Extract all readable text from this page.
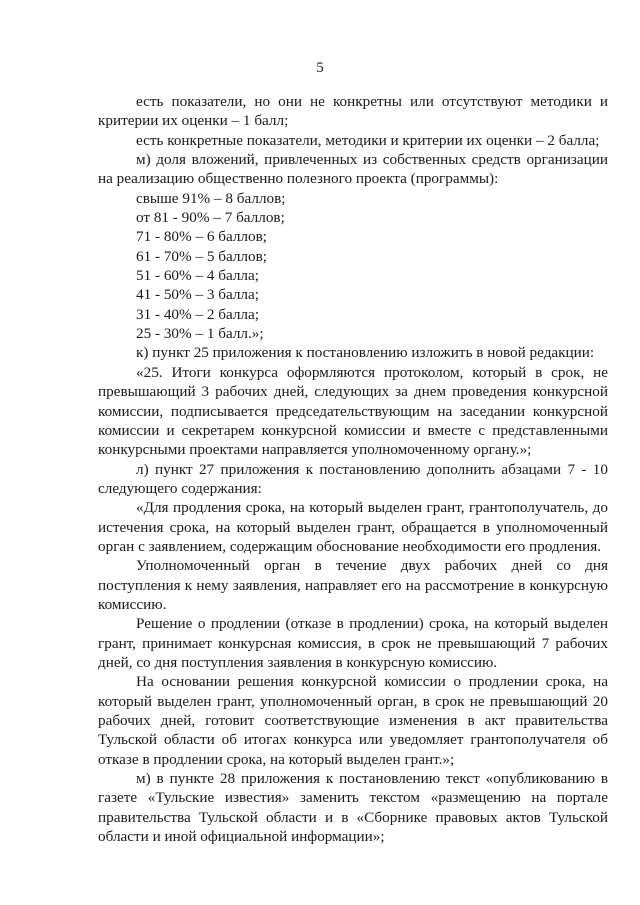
5

есть показатели, но они не конкретны или отсутствуют методики и критерии их оценки – 1 балл;

есть конкретные показатели, методики и критерии их оценки – 2 балла;

м) доля вложений, привлеченных из собственных средств организации на реализацию общественно полезного проекта (программы):

свыше 91% – 8 баллов;

от 81 - 90% – 7 баллов;

71 - 80% – 6 баллов;

61 - 70% – 5 баллов;

51 - 60% – 4 балла;

41 - 50% – 3 балла;

31 - 40% – 2 балла;

25 - 30% – 1 балл.»;

к) пункт 25 приложения к постановлению изложить в новой редакции:

«25. Итоги конкурса оформляются протоколом, который в срок, не превышающий 3 рабочих дней, следующих за днем проведения конкурсной комиссии, подписывается председательствующим на заседании конкурсной комиссии и секретарем конкурсной комиссии и вместе с представленными конкурсными проектами направляется уполномоченному органу.»;

л) пункт 27 приложения к постановлению дополнить абзацами 7 - 10 следующего содержания:

«Для продления срока, на который выделен грант, грантополучатель, до истечения срока, на который выделен грант, обращается в уполномоченный орган с заявлением, содержащим обоснование необходимости его продления.

Уполномоченный орган в течение двух рабочих дней со дня поступления к нему заявления, направляет его на рассмотрение в конкурсную комиссию.

Решение о продлении (отказе в продлении) срока, на который выделен грант, принимает конкурсная комиссия, в срок не превышающий 7 рабочих дней, со дня поступления заявления в конкурсную комиссию.

На основании решения конкурсной комиссии о продлении срока, на который выделен грант, уполномоченный орган, в срок не превышающий 20 рабочих дней, готовит соответствующие изменения в акт правительства Тульской области об итогах конкурса или уведомляет грантополучателя об отказе в продлении срока, на который выделен грант.»;

м) в пункте 28 приложения к постановлению текст «опубликованию в газете «Тульские известия» заменить текстом «размещению на портале правительства Тульской области и в «Сборнике правовых актов Тульской области и иной официальной информации»;
